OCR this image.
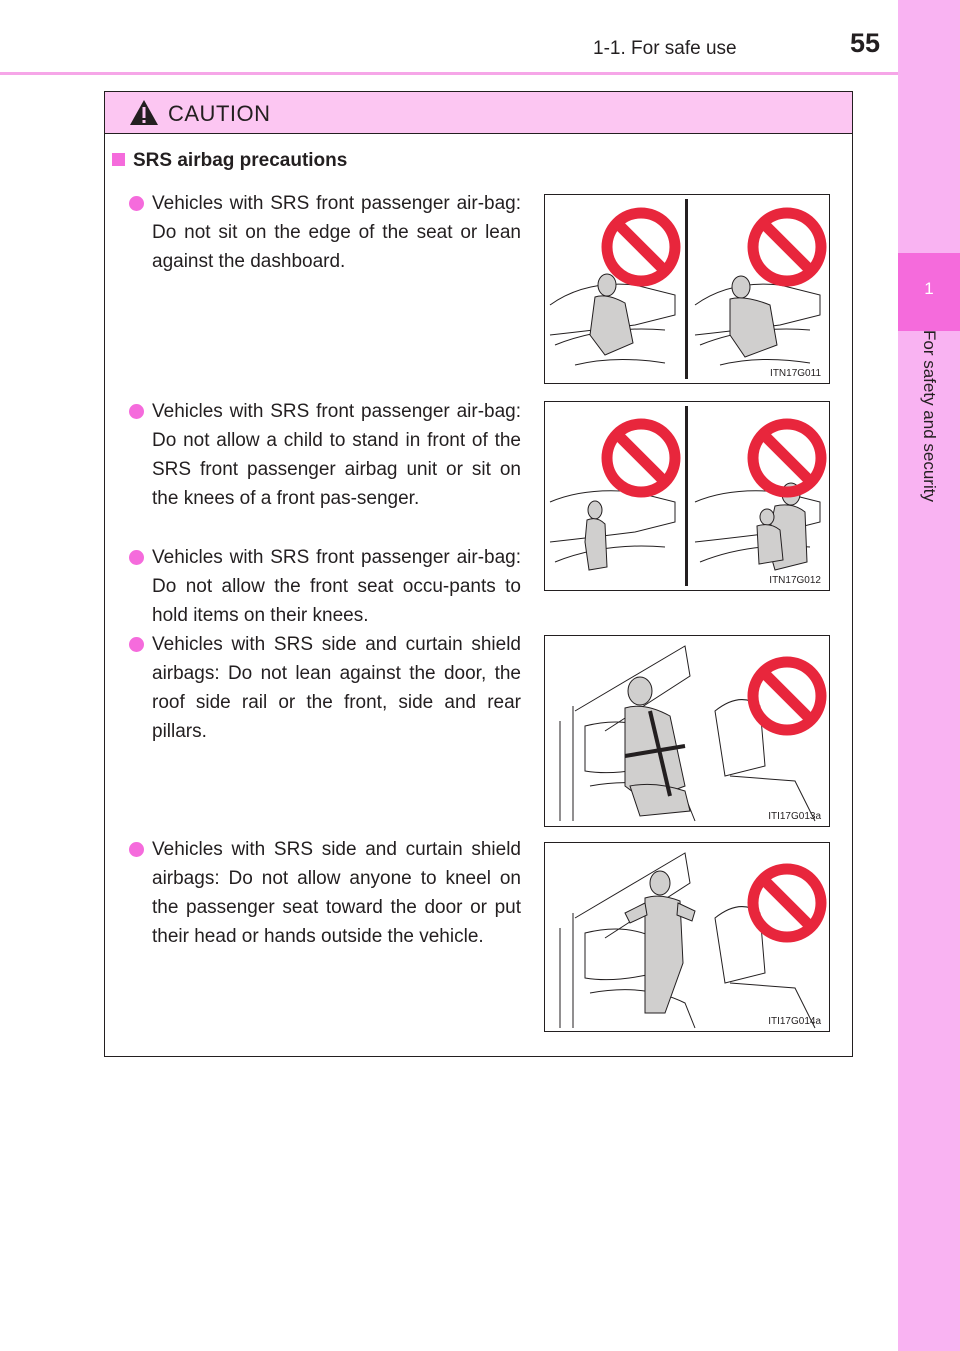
1-1. For safe use	55
1
For safety and security
CAUTION
SRS airbag precautions
Vehicles with SRS front passenger air-bag: Do not sit on the edge of the seat or lean against the dashboard.
Vehicles with SRS front passenger air-bag: Do not allow a child to stand in front of the SRS front passenger airbag unit or sit on the knees of a front pas-senger.
Vehicles with SRS front passenger air-bag: Do not allow the front seat occu-pants to hold items on their knees.
Vehicles with SRS side and curtain shield airbags: Do not lean against the door, the roof side rail or the front, side and rear pillars.
Vehicles with SRS side and curtain shield airbags: Do not allow anyone to kneel on the passenger seat toward the door or put their head or hands outside the vehicle.
ITN17G011
ITN17G012
ITI17G013a
ITI17G014a
